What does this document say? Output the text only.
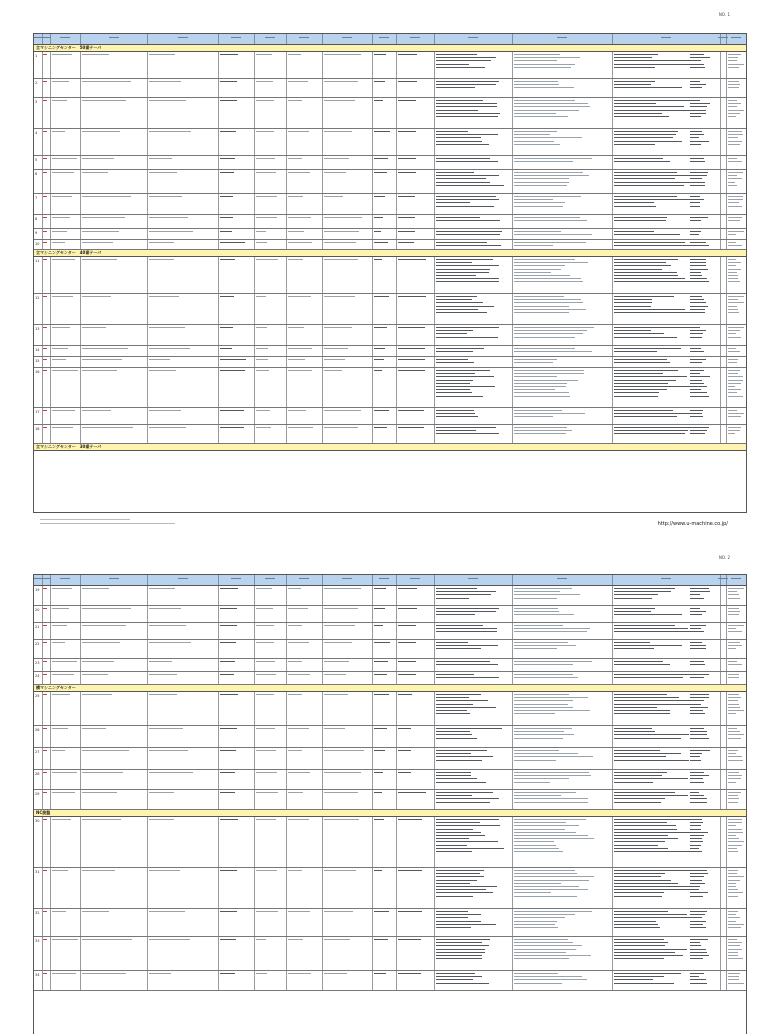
NO. 1
立マシニングセンター　50番テーパ
1
2
3
4
5
6
7
8
9
10
立マシニングセンター　40番テーパ
11
12
13
14
15
16
17
18
立マシニングセンター　30番テーパ
http://www.u-machine.co.jp/
NO. 2
19
20
21
22
23
24
横マシニングセンター
25
26
27
28
29
NC旋盤
30
31
32
33
34
